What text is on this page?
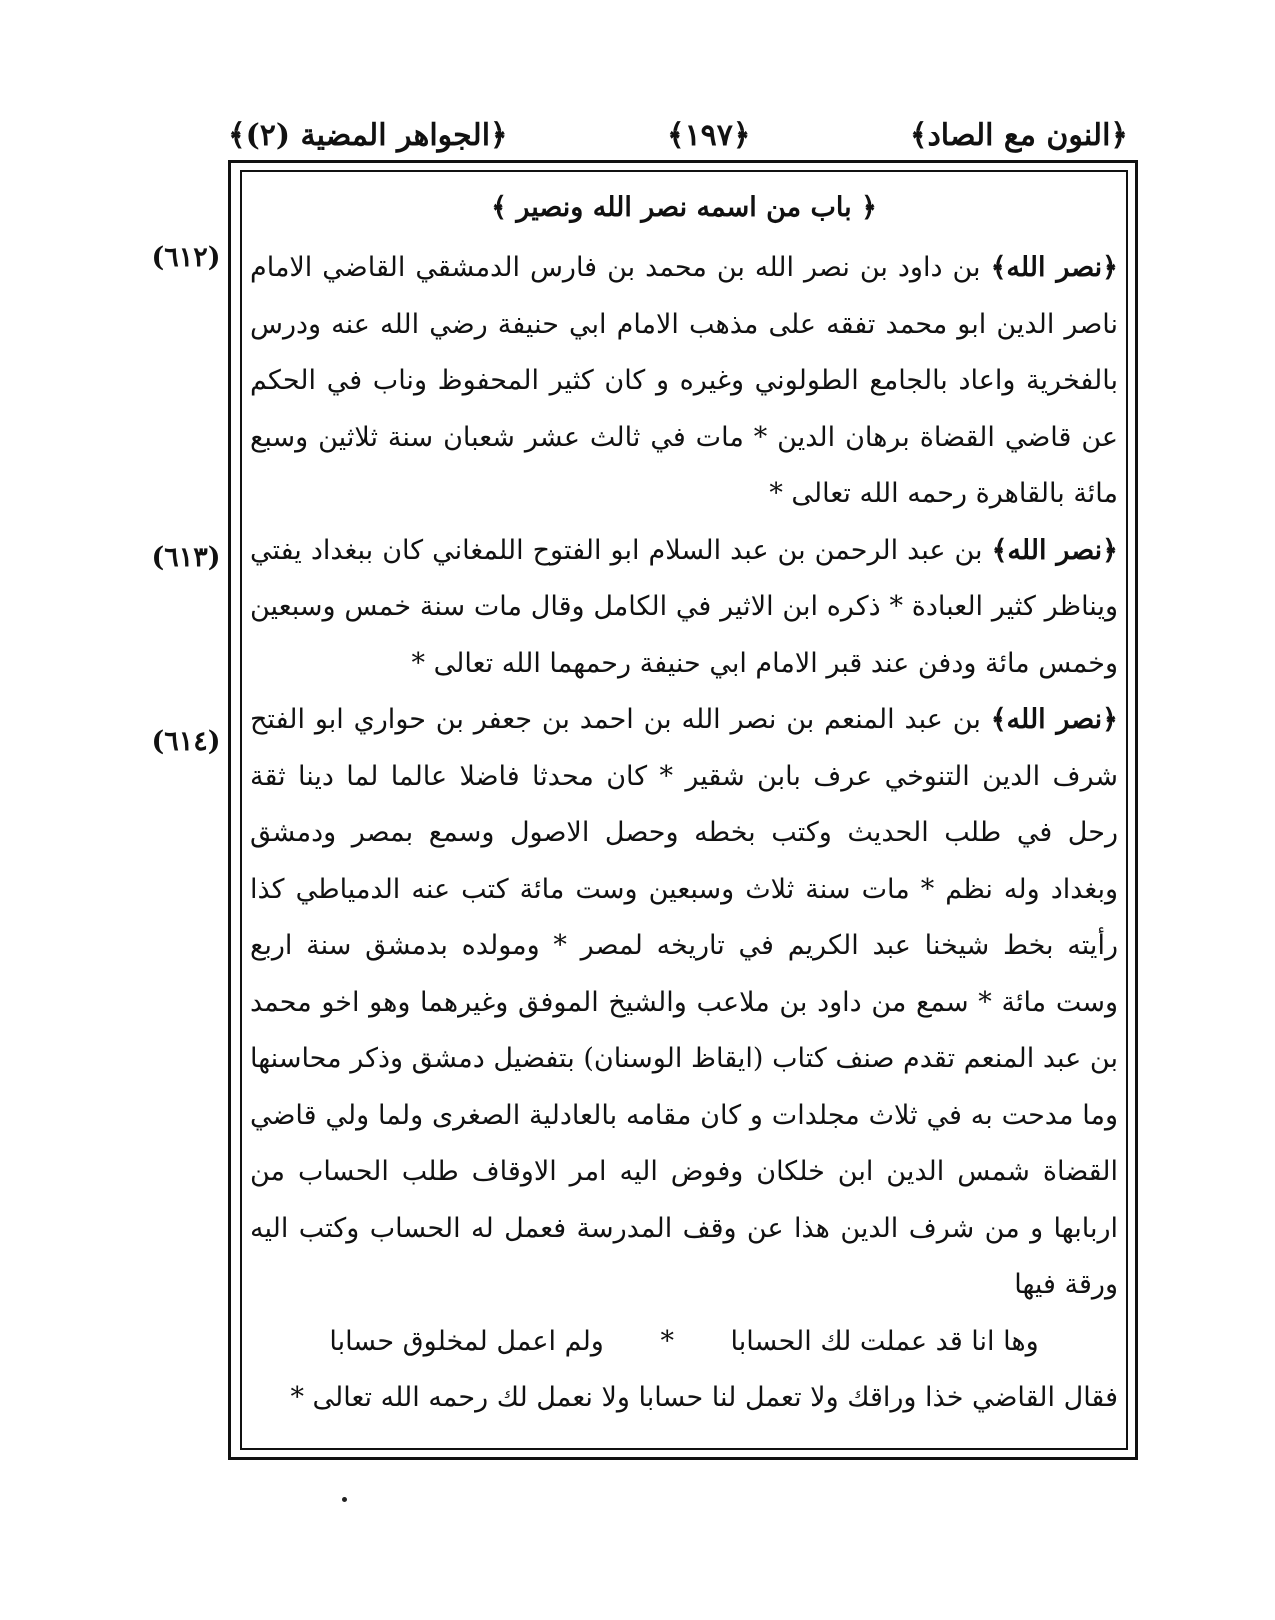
﴿النون مع الصاد﴾
﴿١٩٧﴾
﴿الجواهر المضية (٢)﴾
(٦١٢)
(٦١٣)
(٦١٤)
﴿ باب من اسمه نصر الله ونصير ﴾

﴿نصر الله﴾ بن داود بن نصر الله بن محمد بن فارس الدمشقي القاضي الامام ناصر الدين ابو محمد تفقه على مذهب الامام ابي حنيفة رضي الله عنه ودرس بالفخرية واعاد بالجامع الطولوني وغيره و كان كثير المحفوظ وناب في الحكم عن قاضي القضاة برهان الدين * مات في ثالث عشر شعبان سنة ثلاثين وسبع مائة بالقاهرة رحمه الله تعالى *

﴿نصر الله﴾ بن عبد الرحمن بن عبد السلام ابو الفتوح اللمغاني كان ببغداد يفتي ويناظر كثير العبادة * ذكره ابن الاثير في الكامل وقال مات سنة خمس وسبعين وخمس مائة ودفن عند قبر الامام ابي حنيفة رحمهما الله تعالى *

﴿نصر الله﴾ بن عبد المنعم بن نصر الله بن احمد بن جعفر بن حواري ابو الفتح شرف الدين التنوخي عرف بابن شقير * كان محدثا فاضلا عالما لما دينا ثقة رحل في طلب الحديث وكتب بخطه وحصل الاصول وسمع بمصر ودمشق وبغداد وله نظم * مات سنة ثلاث وسبعين وست مائة كتب عنه الدمياطي كذا رأيته بخط شيخنا عبد الكريم في تاريخه لمصر * ومولده بدمشق سنة اربع وست مائة * سمع من داود بن ملاعب والشيخ الموفق وغيرهما وهو اخو محمد بن عبد المنعم تقدم صنف كتاب (ايقاظ الوسنان) بتفضيل دمشق وذكر محاسنها وما مدحت به في ثلاث مجلدات و كان مقامه بالعادلية الصغرى ولما ولي قاضي القضاة شمس الدين ابن خلكان وفوض اليه امر الاوقاف طلب الحساب من اربابها و من شرف الدين هذا عن وقف المدرسة فعمل له الحساب وكتب اليه ورقة فيها

وها انا قد عملت لك الحسابا * ولم اعمل لمخلوق حسابا

فقال القاضي خذا وراقك ولا تعمل لنا حسابا ولا نعمل لك رحمه الله تعالى *
